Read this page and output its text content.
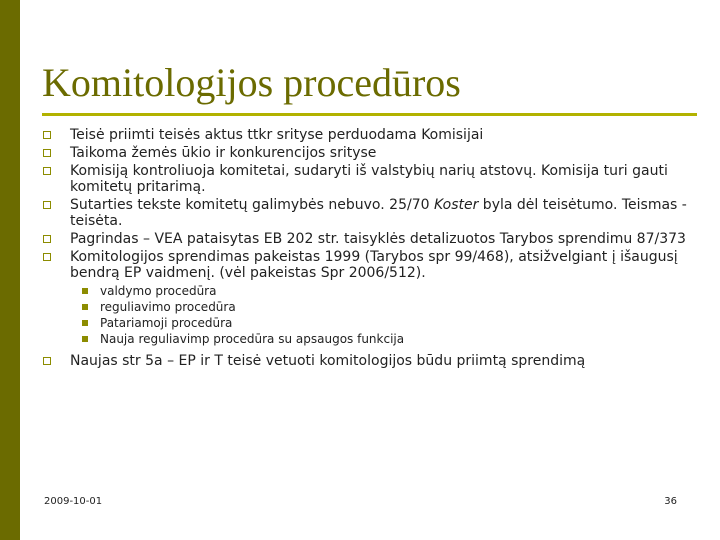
Komitologijos procedūros
Teisė priimti teisės aktus ttkr srityse perduodama Komisijai
Taikoma žemės ūkio ir konkurencijos srityse
Komisiją kontroliuoja komitetai, sudaryti iš valstybių narių atstovų. Komisija turi gauti komitetų pritarimą.
Sutarties tekste komitetų galimybės nebuvo. 25/70 Koster byla dėl teisėtumo. Teismas - teisėta.
Pagrindas – VEA pataisytas EB 202 str. taisyklės detalizuotos Tarybos sprendimu 87/373
Komitologijos sprendimas pakeistas 1999 (Tarybos spr 99/468), atsižvelgiant į išaugusį bendrą EP vaidmenį. (vėl pakeistas Spr 2006/512).
valdymo procedūra
reguliavimo procedūra
Patariamoji procedūra
Nauja reguliavimp procedūra su apsaugos funkcija
Naujas str 5a – EP ir T teisė vetuoti komitologijos būdu priimtą sprendimą
2009-10-01	36
